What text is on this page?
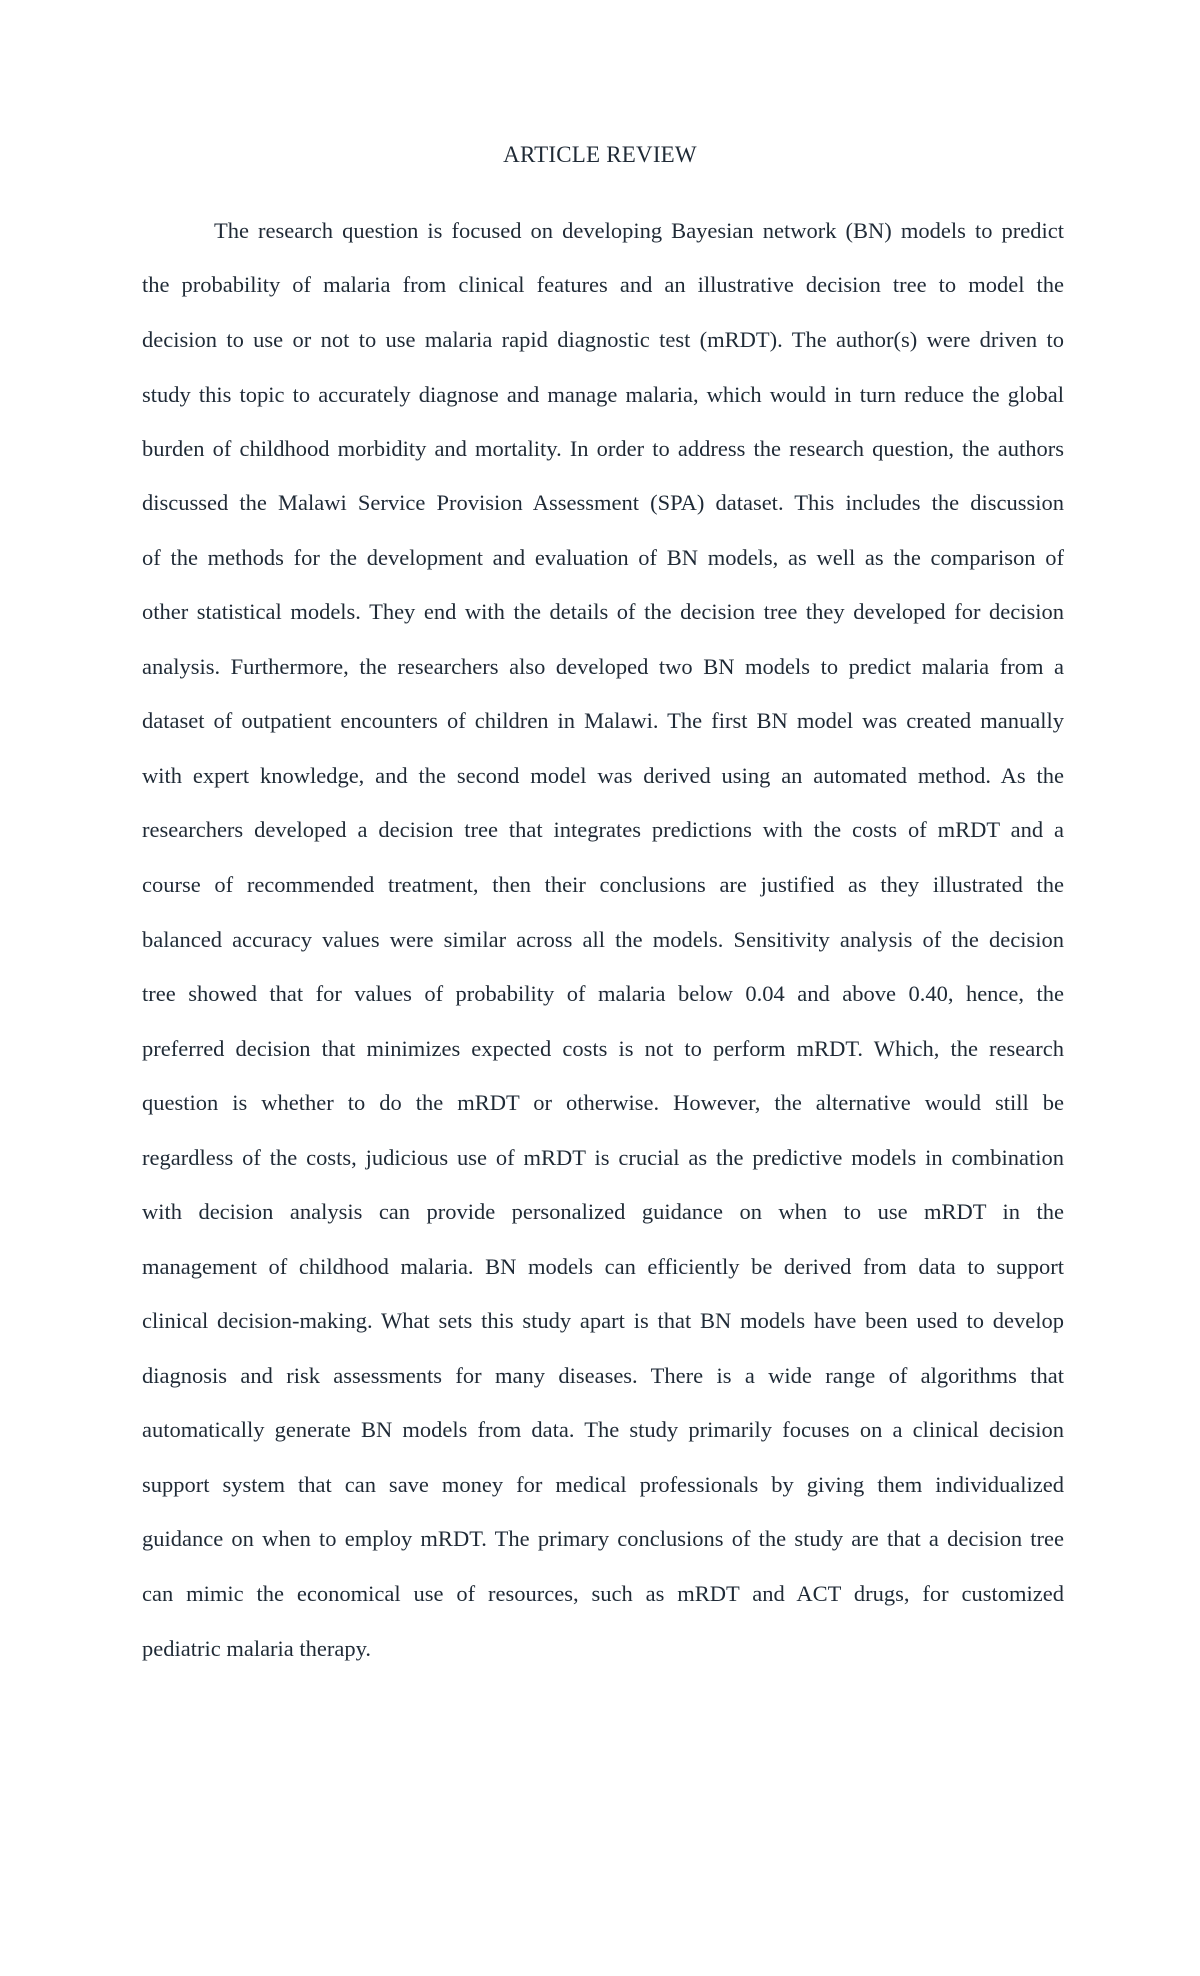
ARTICLE REVIEW
The research question is focused on developing Bayesian network (BN) models to predict
the probability of malaria from clinical features and an illustrative decision tree to model the
decision to use or not to use malaria rapid diagnostic test (mRDT). The author(s) were driven to
study this topic to accurately diagnose and manage malaria, which would in turn reduce the global
burden of childhood morbidity and mortality. In order to address the research question, the authors
discussed the Malawi Service Provision Assessment (SPA) dataset. This includes the discussion
of the methods for the development and evaluation of BN models, as well as the comparison of
other statistical models. They end with the details of the decision tree they developed for decision
analysis. Furthermore, the researchers also developed two BN models to predict malaria from a
dataset of outpatient encounters of children in Malawi. The first BN model was created manually
with expert knowledge, and the second model was derived using an automated method. As the
researchers developed a decision tree that integrates predictions with the costs of mRDT and a
course of recommended treatment, then their conclusions are justified as they illustrated the
balanced accuracy values were similar across all the models. Sensitivity analysis of the decision
tree showed that for values of probability of malaria below 0.04 and above 0.40, hence, the
preferred decision that minimizes expected costs is not to perform mRDT. Which, the research
question is whether to do the mRDT or otherwise. However, the alternative would still be
regardless of the costs, judicious use of mRDT is crucial as the predictive models in combination
with decision analysis can provide personalized guidance on when to use mRDT in the
management of childhood malaria. BN models can efficiently be derived from data to support
clinical decision-making. What sets this study apart is that BN models have been used to develop
diagnosis and risk assessments for many diseases. There is a wide range of algorithms that
automatically generate BN models from data. The study primarily focuses on a clinical decision
support system that can save money for medical professionals by giving them individualized
guidance on when to employ mRDT. The primary conclusions of the study are that a decision tree
can mimic the economical use of resources, such as mRDT and ACT drugs, for customized
pediatric malaria therapy.
